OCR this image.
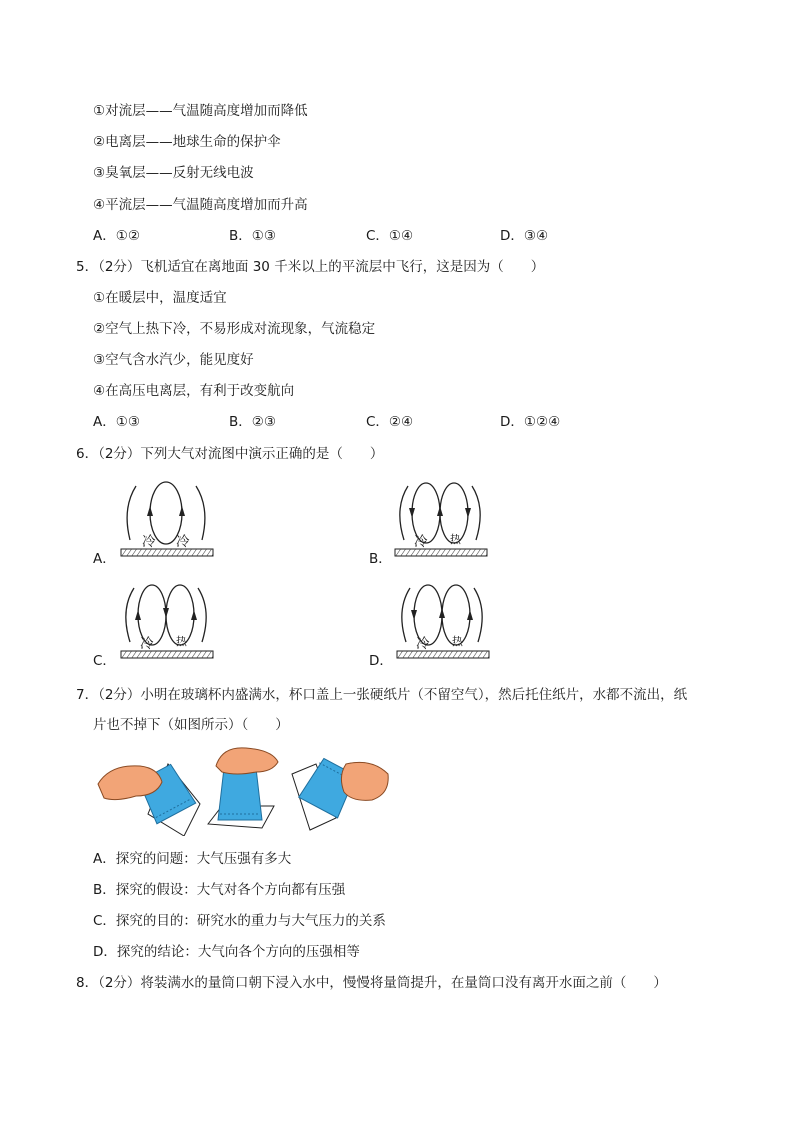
①对流层——气温随高度增加而降低
②电离层——地球生命的保护伞
③臭氧层——反射无线电波
④平流层——气温随高度增加而升高
A．①②	B．①③	C．①④	D．③④
5．（2分）飞机适宜在离地面 30 千米以上的平流层中飞行，这是因为（　　）
①在暖层中，温度适宜
②空气上热下冷，不易形成对流现象，气流稳定
③空气含水汽少，能见度好
④在高压电离层，有利于改变航向
A．①③	B．②③	C．②④	D．①②④
6．（2分）下列大气对流图中演示正确的是（　　）
A．
冷 冷
B．
冷 热
C．
冷 热
D．
冷 热
7．（2分）小明在玻璃杯内盛满水，杯口盖上一张硬纸片（不留空气），然后托住纸片，水都不流出，纸
片也不掉下（如图所示）（　　）
A．探究的问题：大气压强有多大
B．探究的假设：大气对各个方向都有压强
C．探究的目的：研究水的重力与大气压力的关系
D．探究的结论：大气向各个方向的压强相等
8．（2分）将装满水的量筒口朝下浸入水中，慢慢将量筒提升，在量筒口没有离开水面之前（　　）
